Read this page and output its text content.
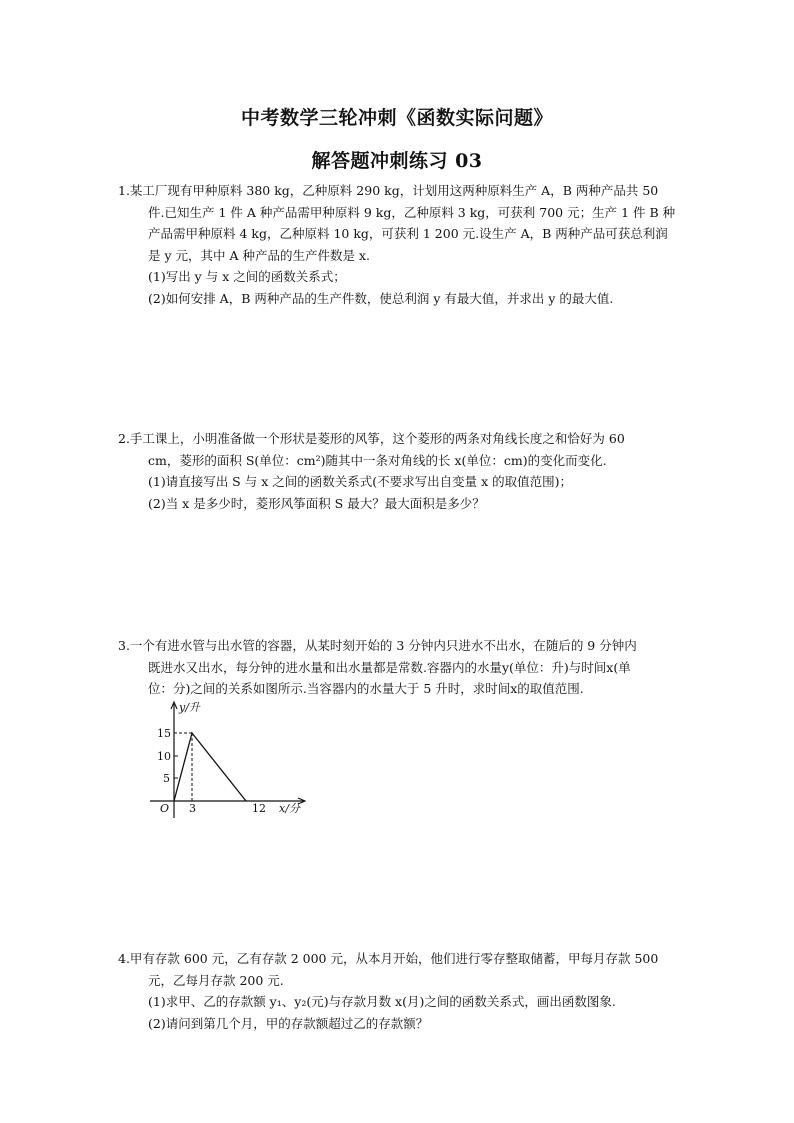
中考数学三轮冲刺《函数实际问题》
解答题冲刺练习 03
1.某工厂现有甲种原料 380 kg，乙种原料 290 kg，计划用这两种原料生产 A，B 两种产品共 50
件.已知生产 1 件 A 种产品需甲种原料 9 kg，乙种原料 3 kg，可获利 700 元；生产 1 件 B 种
产品需甲种原料 4 kg，乙种原料 10 kg，可获利 1 200 元.设生产 A，B 两种产品可获总利润
是 y 元，其中 A 种产品的生产件数是 x.
(1)写出 y 与 x 之间的函数关系式；
(2)如何安排 A，B 两种产品的生产件数，使总利润 y 有最大值，并求出 y 的最大值.
2.手工课上，小明准备做一个形状是菱形的风筝，这个菱形的两条对角线长度之和恰好为 60
cm，菱形的面积 S(单位：cm²)随其中一条对角线的长 x(单位：cm)的变化而变化.
(1)请直接写出 S 与 x 之间的函数关系式(不要求写出自变量 x 的取值范围)；
(2)当 x 是多少时，菱形风筝面积 S 最大？最大面积是多少？
3.一个有进水管与出水管的容器，从某时刻开始的 3 分钟内只进水不出水，在随后的 9 分钟内
既进水又出水，每分钟的进水量和出水量都是常数.容器内的水量y(单位：升)与时间x(单
位：分)之间的关系如图所示.当容器内的水量大于 5 升时，求时间x的取值范围.
y/升
x/分
O
15
10
5
3	12
4.甲有存款 600 元，乙有存款 2 000 元，从本月开始，他们进行零存整取储蓄，甲每月存款 500
元，乙每月存款 200 元.
(1)求甲、乙的存款额 y₁、y₂(元)与存款月数 x(月)之间的函数关系式，画出函数图象.
(2)请问到第几个月，甲的存款额超过乙的存款额？
